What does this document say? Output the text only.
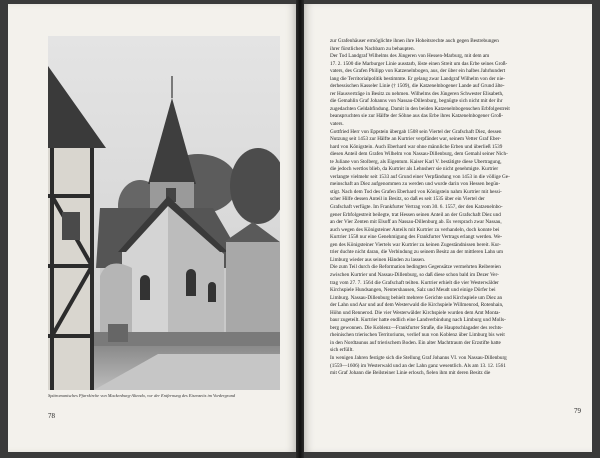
Spätromanisches Pfarrkirche von Mackenburg-Altendo, vor der Entfernung des Eisenzeits im Vordergrund
78
zur Grafenhäuser ermöglichte ihnen ihre Hoheitsrechte auch gegen Bestrebungen
ihrer fürstlichen Nachbarn zu behaupten.
Der Tod Landgraf Wilhelms des Jüngeren von Hessen-Marburg, mit dem am
17. 2. 1500 die Marburger Linie ausstarb, löste einen Streit um das Erbe seines Groß-
vaters, des Grafen Philipp von Katzenelnbogen, aus, der über ein halbes Jahrhundert
lang die Territorialpolitik bestimmte. Er gelang zwar Landgraf Wilhelm von der nie-
derhessischen Kasseler Linie († 1509), die Katzenelnbogener Lande auf Grund älte-
rer Hausverträge in Besitz zu nehmen. Wilhelms des Jüngeren Schwester Elisabeth,
die Gemahlin Graf Johanns von Nassau-Dillenburg, begnügte sich nicht mit der ihr
zugedachten Geldabfindung. Damit in den beiden Katzenelnbogenschen Erbfolgestreit
beanspruchten sie zur Hälfte der Söhne aus das Erbe ihres Katzenelnbogener Groß-
vaters.
Gottfried Herr von Eppstein übergab 1508 sein Viertel der Grafschaft Diez, dessen
Nutzung seit 1453 zur Hälfte an Kurtrier verpfändet war, seinem Vetter Graf Eber-
hard von Königstein. Auch Eberhard war ohne männliche Erben und überließ 1539
diesen Anteil dem Grafen Wilhelm von Nassau-Dillenburg, dem Gemahl seiner Nich-
te Juliane von Stolberg, als Eigentum. Kaiser Karl V. bestätigte diese Übertragung,
die jedoch wertlos blieb, da Kurtrier als Lehnsherr sie nicht genehmigte. Kurtrier
verlangte vielmehr seit 1533 auf Grund einer Verpfändung von 1453 in die völlige Ge-
meinschaft an Diez aufgenommen zu werden und wurde darin von Hessen begün-
stigt. Nach dem Tod des Grafen Eberhard von Königstein nahm Kurtrier mit hessi-
scher Hilfe dessen Anteil in Besitz, so daß es seit 1535 über ein Viertel der
Grafschaft verfügte. Im Frankfurter Vertrag vom 30. 6. 1557, der den Katzenelnbo-
gener Erbfolgestreit beilegte, trat Hessen seinen Anteil an der Grafschaft Diez und
an der Vier Zenten mit Elsoff an Nassau-Dillenburg ab. Es versprach zwar Nassau,
auch wegen des Königsteiner Anteils mit Kurtrier zu verhandeln, doch konnte bei
Kurtrier 1558 nur eine Genehmigung des Frankfurter Vertrags erlangt werden. We-
gen des Königsteiner Viertels war Kurtrier zu keinen Zugeständnissen bereit. Kur-
trier duchte nicht daran, die Verbindung zu seinem Besitz an der mittleren Lahn um
Limburg wieder aus seinen Händen zu lassen.
Die zum Teil durch die Reformation bedingten Gegensätze vermehrten Reibereien
zwischen Kurtrier und Nassau-Dillenburg, so daß diese schon bald im Dezer Ver-
trag vom 27. 7. 1564 die Grafschaft teilten. Kurtrier erhielt die vier Westerwälder
Kirchspiele Hundsangen, Nentershausen, Salz und Meudt und einige Dörfer bei
Limburg. Nassau-Dillenburg behielt mehrere Gerichte und Kirchspiele um Diez an
der Lahn und Aar und auf dem Westerwald die Kirchspiele Willmenrod, Rotenhain,
Höhn und Rennerod. Die vier Westerwälder Kirchspiele wurden dem Amt Monta-
baur zugeteilt. Kurtrier hatte endlich eine Landverbindung nach Limburg und Molls-
berg gewonnen. Die Koblenz—Frankfurter Straße, die Hauptschlagader des rechts-
rheinischen trierischen Territoriums, verlief nun von Koblenz über Limburg bis weit
in den Nordtaunus auf trierischem Boden. Ein alter Machttraum der Erzstifte hatte
sich erfüllt.
In wenigen Jahren festigte sich die Stellung Graf Johanns VI. von Nassau-Dillenburg
(1559—1606) im Westerwald und an der Lahn ganz wesentlich. Als am 13. 12. 1561
mit Graf Johann die Beilsteiner Linie erlosch, fielen ihm mit deren Besitz die
79
